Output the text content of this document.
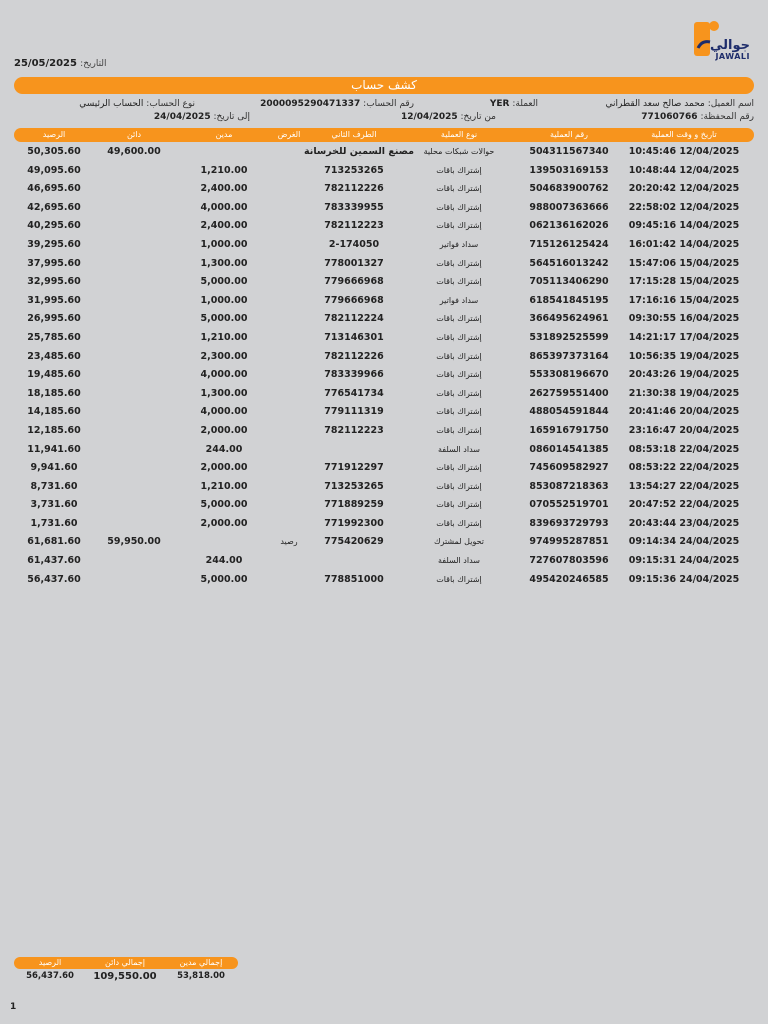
جوالي
JAWALI
التاريخ: 25/05/2025
كشف حساب
اسم العميل: محمد صالح سعد القطراني
العملة: YER
رقم الحساب: 2000095290471337
نوع الحساب: الحساب الرئيسي
رقم المحفظة: 771060766
من تاريخ: 12/04/2025
إلى تاريخ: 24/04/2025
تاريخ و وقت العملية
رقم العملية
نوع العملية
الطرف الثاني
الغرض
مدين
دائن
الرصيد
10:45:46 12/04/2025
504311567340
حوالات شبكات محلية
مصنع السمين للخرسانة
49,600.00
50,305.60
10:48:44 12/04/2025
139503169153
إشتراك باقات
713253265
1,210.00
49,095.60
20:20:42 12/04/2025
504683900762
إشتراك باقات
782112226
2,400.00
46,695.60
22:58:02 12/04/2025
988007363666
إشتراك باقات
783339955
4,000.00
42,695.60
09:45:16 14/04/2025
062136162026
إشتراك باقات
782112223
2,400.00
40,295.60
16:01:42 14/04/2025
715126125424
سداد فواتير
2-174050
1,000.00
39,295.60
15:47:06 15/04/2025
564516013242
إشتراك باقات
778001327
1,300.00
37,995.60
17:15:28 15/04/2025
705113406290
إشتراك باقات
779666968
5,000.00
32,995.60
17:16:16 15/04/2025
618541845195
سداد فواتير
779666968
1,000.00
31,995.60
09:30:55 16/04/2025
366495624961
إشتراك باقات
782112224
5,000.00
26,995.60
14:21:17 17/04/2025
531892525599
إشتراك باقات
713146301
1,210.00
25,785.60
10:56:35 19/04/2025
865397373164
إشتراك باقات
782112226
2,300.00
23,485.60
20:43:26 19/04/2025
553308196670
إشتراك باقات
783339966
4,000.00
19,485.60
21:30:38 19/04/2025
262759551400
إشتراك باقات
776541734
1,300.00
18,185.60
20:41:46 20/04/2025
488054591844
إشتراك باقات
779111319
4,000.00
14,185.60
23:16:47 20/04/2025
165916791750
إشتراك باقات
782112223
2,000.00
12,185.60
08:53:18 22/04/2025
086014541385
سداد السلفة
244.00
11,941.60
08:53:22 22/04/2025
745609582927
إشتراك باقات
771912297
2,000.00
9,941.60
13:54:27 22/04/2025
853087218363
إشتراك باقات
713253265
1,210.00
8,731.60
20:47:52 22/04/2025
070552519701
إشتراك باقات
771889259
5,000.00
3,731.60
20:43:44 23/04/2025
839693729793
إشتراك باقات
771992300
2,000.00
1,731.60
09:14:34 24/04/2025
974995287851
تحويل لمشترك
775420629
رصيد
59,950.00
61,681.60
09:15:31 24/04/2025
727607803596
سداد السلفة
244.00
61,437.60
09:15:36 24/04/2025
495420246585
إشتراك باقات
778851000
5,000.00
56,437.60
إجمالي مدين
إجمالي دائن
الرصيد
53,818.00
109,550.00
56,437.60
1
